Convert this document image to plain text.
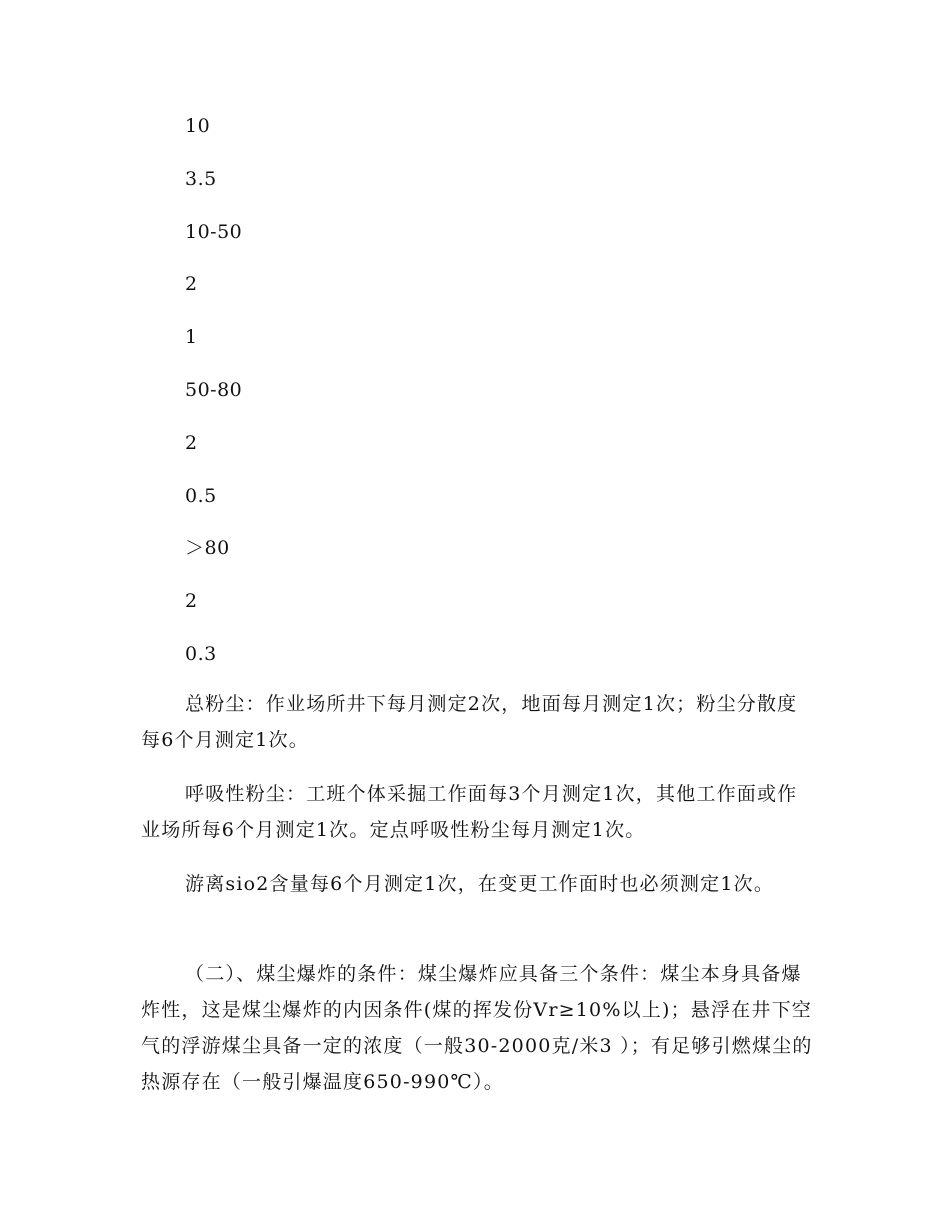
10
3.5
10-50
2
1
50-80
2
0.5
＞80
2
0.3

总粉尘：作业场所井下每月测定2次，地面每月测定1次；粉尘分散度每6个月测定1次。

呼吸性粉尘：工班个体采掘工作面每3个月测定1次，其他工作面或作业场所每6个月测定1次。定点呼吸性粉尘每月测定1次。

游离sio2含量每6个月测定1次，在变更工作面时也必须测定1次。

（二）、煤尘爆炸的条件：煤尘爆炸应具备三个条件：煤尘本身具备爆炸性，这是煤尘爆炸的内因条件(煤的挥发份Vr≥10%以上)；悬浮在井下空气的浮游煤尘具备一定的浓度（一般30-2000克/米3 ）；有足够引燃煤尘的热源存在（一般引爆温度650-990℃）。
